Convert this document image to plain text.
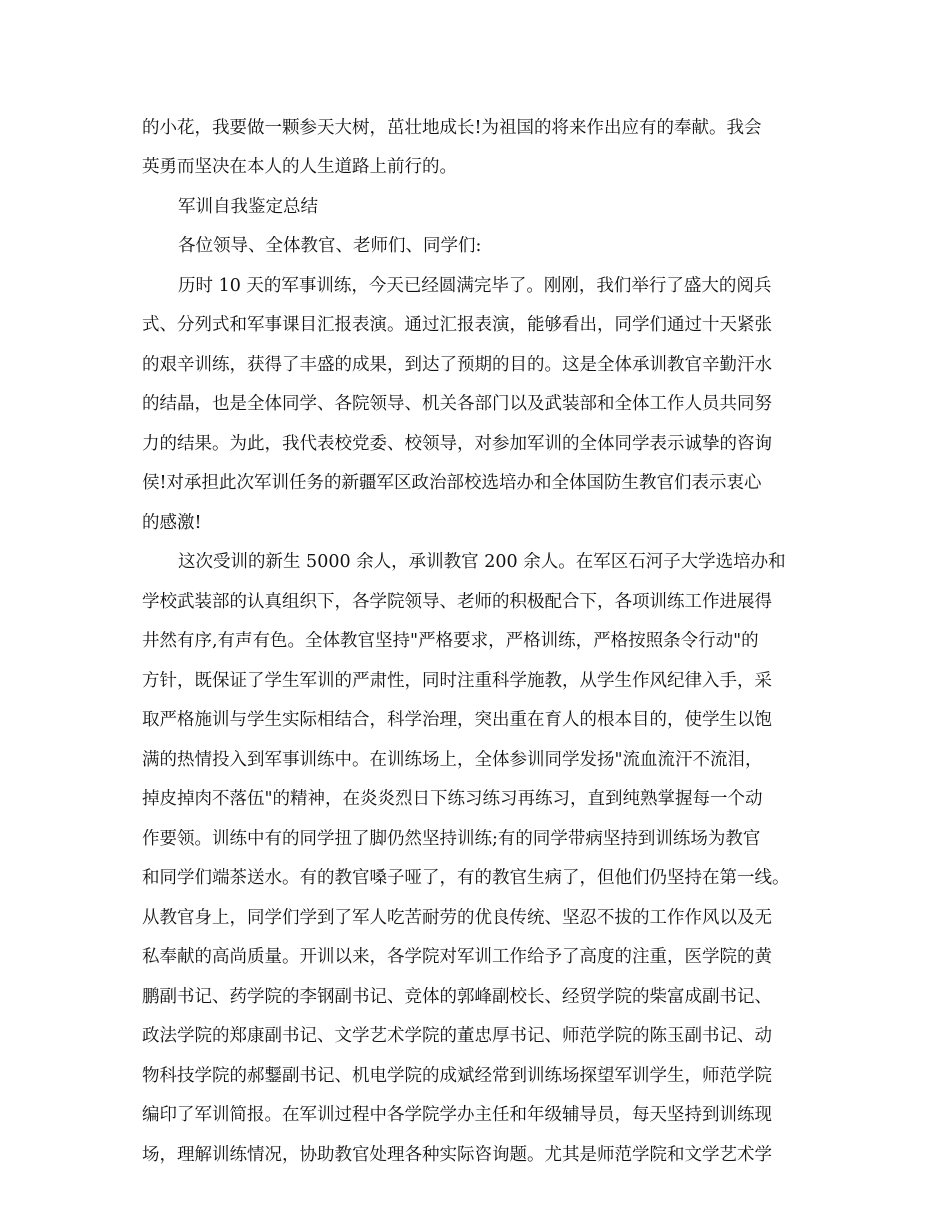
的小花，我要做一颗参天大树，茁壮地成长!为祖国的将来作出应有的奉献。我会
英勇而坚决在本人的人生道路上前行的。
军训自我鉴定总结
各位领导、全体教官、老师们、同学们:
历时 10 天的军事训练，今天已经圆满完毕了。刚刚，我们举行了盛大的阅兵
式、分列式和军事课目汇报表演。通过汇报表演，能够看出，同学们通过十天紧张
的艰辛训练，获得了丰盛的成果，到达了预期的目的。这是全体承训教官辛勤汗水
的结晶，也是全体同学、各院领导、机关各部门以及武装部和全体工作人员共同努
力的结果。为此，我代表校党委、校领导，对参加军训的全体同学表示诚挚的咨询
侯!对承担此次军训任务的新疆军区政治部校选培办和全体国防生教官们表示衷心
的感激!
这次受训的新生 5000 余人，承训教官 200 余人。在军区石河子大学选培办和
学校武装部的认真组织下，各学院领导、老师的积极配合下，各项训练工作进展得
井然有序,有声有色。全体教官坚持"严格要求，严格训练，严格按照条令行动"的
方针，既保证了学生军训的严肃性，同时注重科学施教，从学生作风纪律入手，采
取严格施训与学生实际相结合，科学治理，突出重在育人的根本目的，使学生以饱
满的热情投入到军事训练中。在训练场上，全体参训同学发扬"流血流汗不流泪，
掉皮掉肉不落伍"的精神，在炎炎烈日下练习练习再练习，直到纯熟掌握每一个动
作要领。训练中有的同学扭了脚仍然坚持训练;有的同学带病坚持到训练场为教官
和同学们端茶送水。有的教官嗓子哑了，有的教官生病了，但他们仍坚持在第一线。
从教官身上，同学们学到了军人吃苦耐劳的优良传统、坚忍不拔的工作作风以及无
私奉献的高尚质量。开训以来，各学院对军训工作给予了高度的注重，医学院的黄
鹏副书记、药学院的李钢副书记、竞体的郭峰副校长、经贸学院的柴富成副书记、
政法学院的郑康副书记、文学艺术学院的董忠厚书记、师范学院的陈玉副书记、动
物科技学院的郝鑋副书记、机电学院的成斌经常到训练场探望军训学生，师范学院
编印了军训简报。在军训过程中各学院学办主任和年级辅导员，每天坚持到训练现
场，理解训练情况，协助教官处理各种实际咨询题。尤其是师范学院和文学艺术学
